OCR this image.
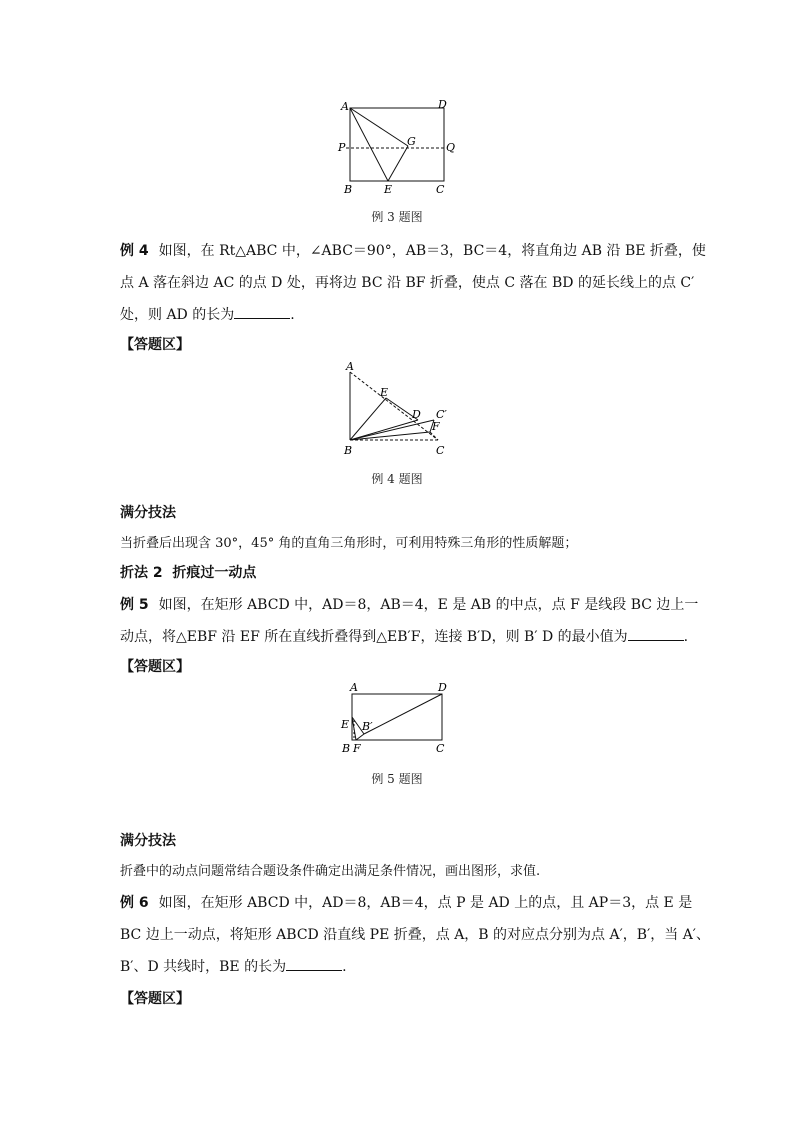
A	D
P	Q
G
B	E	C
例 3 题图
例 4 如图，在 Rt△ABC 中，∠ABC＝90°，AB＝3，BC＝4，将直角边 AB 沿 BE 折叠，使
点 A 落在斜边 AC 的点 D 处，再将边 BC 沿 BF 折叠，使点 C 落在 BD 的延长线上的点 C′
处，则 AD 的长为	.
【答题区】
A
E
D C′
F
B	C
例 4 题图
满分技法
当折叠后出现含 30°，45° 角的直角三角形时，可利用特殊三角形的性质解题；
折法 2 折痕过一动点
例 5 如图，在矩形 ABCD 中，AD＝8，AB＝4，E 是 AB 的中点，点 F 是线段 BC 边上一
动点，将△EBF 沿 EF 所在直线折叠得到△EB′F，连接 B′D，则 B′ D 的最小值为	.
【答题区】
A	D
E B′
B F	C
例 5 题图
满分技法
折叠中的动点问题常结合题设条件确定出满足条件情况，画出图形，求值.
例 6 如图，在矩形 ABCD 中，AD＝8，AB＝4，点 P 是 AD 上的点，且 AP＝3，点 E 是
BC 边上一动点，将矩形 ABCD 沿直线 PE 折叠，点 A，B 的对应点分别为点 A′，B′，当 A′、
B′、D 共线时，BE 的长为	.
【答题区】
